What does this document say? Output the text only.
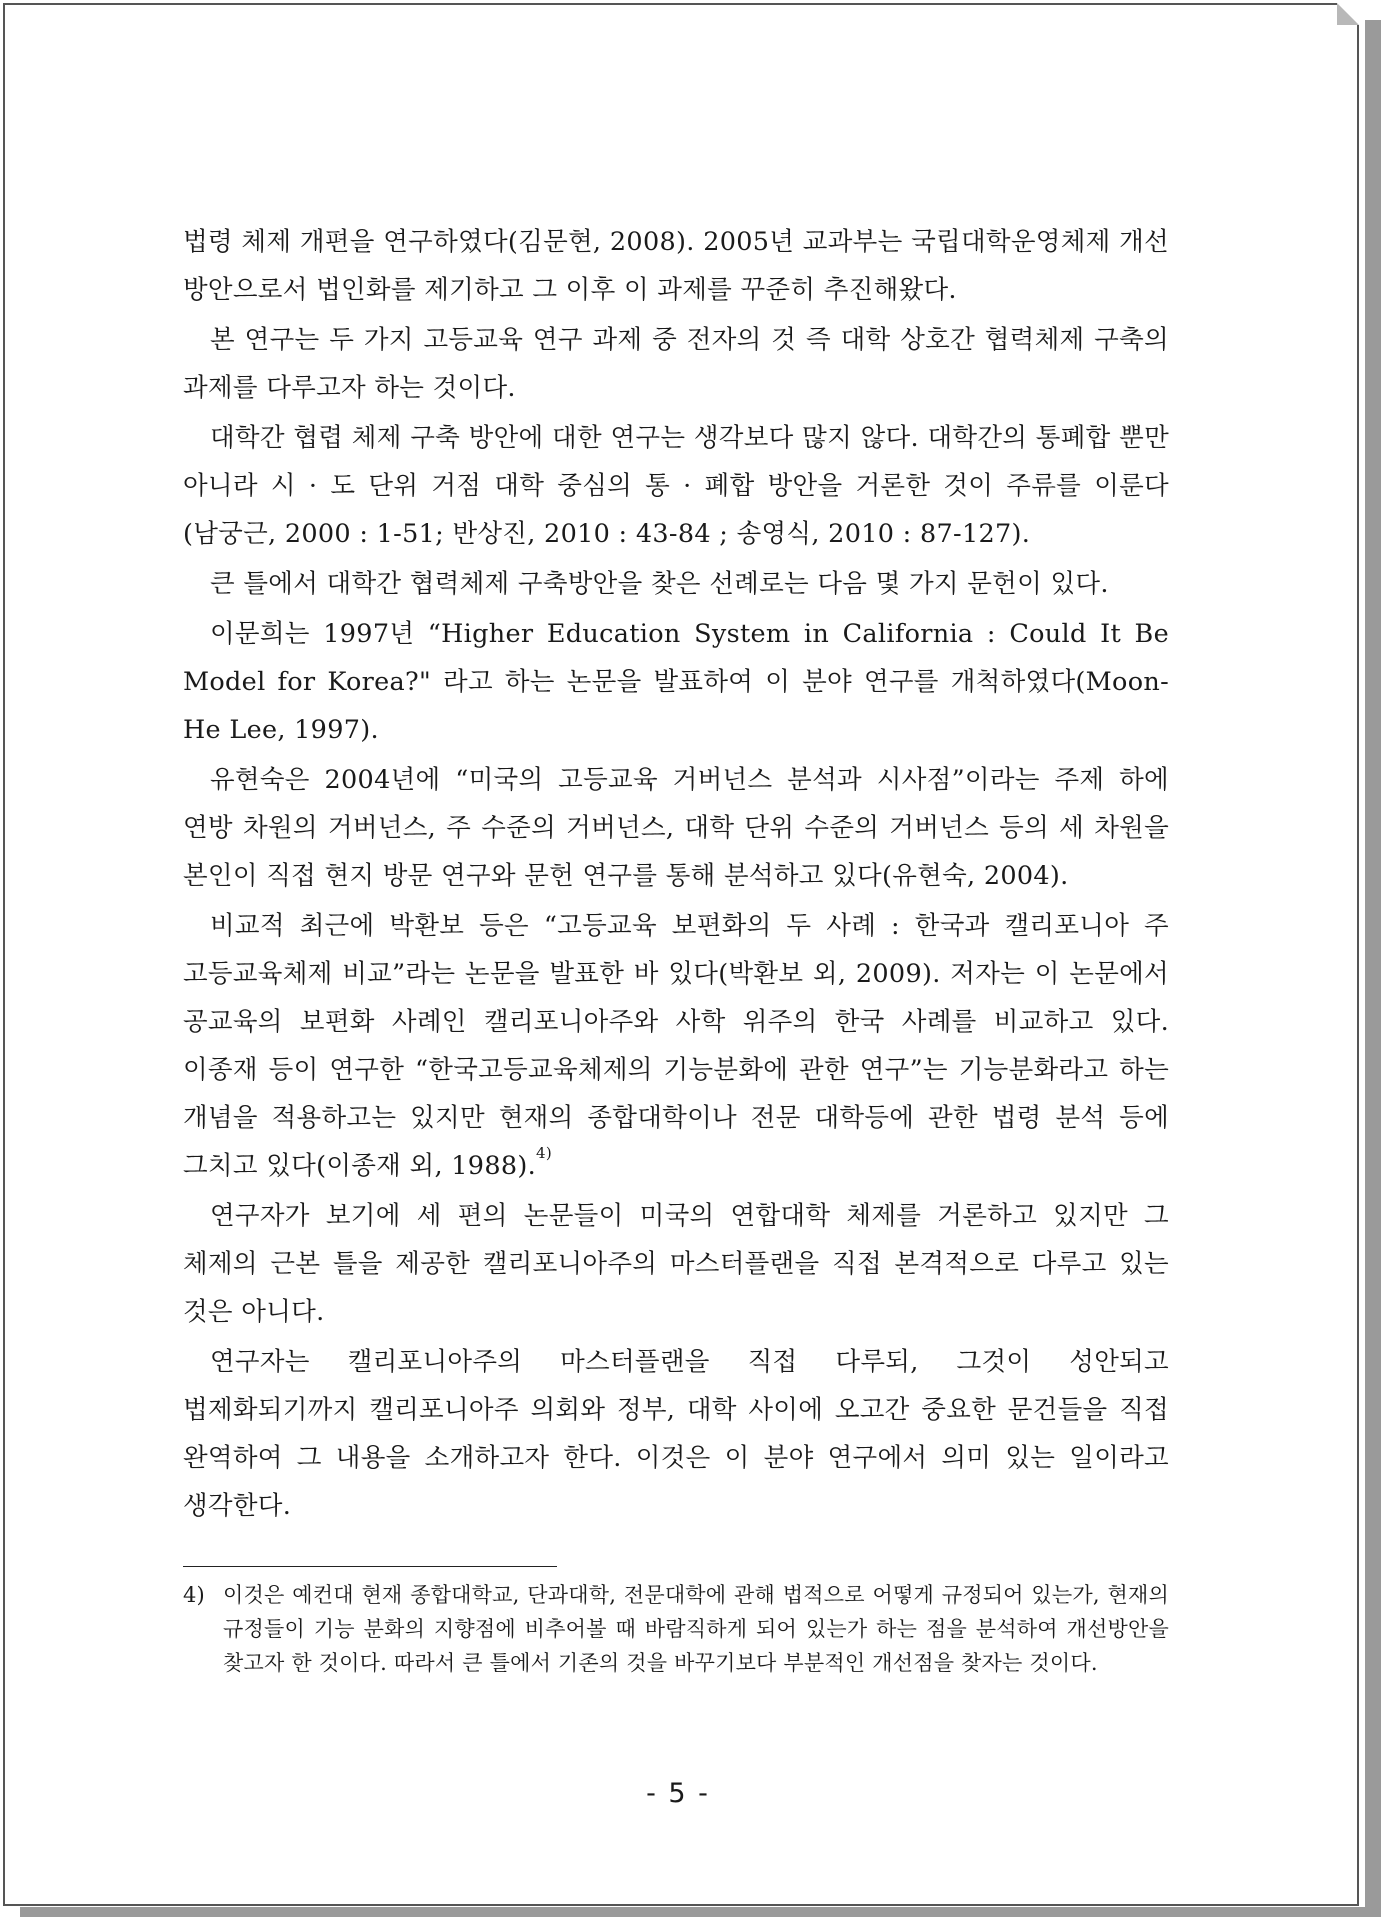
법령 체제 개편을 연구하였다(김문현, 2008). 2005년 교과부는 국립대학운영체제 개선 방안으로서 법인화를 제기하고 그 이후 이 과제를 꾸준히 추진해왔다.

본 연구는 두 가지 고등교육 연구 과제 중 전자의 것 즉 대학 상호간 협력체제 구축의 과제를 다루고자 하는 것이다.

대학간 협렵 체제 구축 방안에 대한 연구는 생각보다 많지 않다. 대학간의 통폐합 뿐만 아니라 시 · 도 단위 거점 대학 중심의 통 · 폐합 방안을 거론한 것이 주류를 이룬다(남궁근, 2000 : 1-51; 반상진, 2010 : 43-84 ; 송영식, 2010 : 87-127).

큰 틀에서 대학간 협력체제 구축방안을 찾은 선례로는 다음 몇 가지 문헌이 있다.

이문희는 1997년 “Higher Education System in California : Could It Be Model for Korea?" 라고 하는 논문을 발표하여 이 분야 연구를 개척하였다(Moon-He Lee, 1997).

유현숙은 2004년에 “미국의 고등교육 거버넌스 분석과 시사점”이라는 주제 하에 연방 차원의 거버넌스, 주 수준의 거버넌스, 대학 단위 수준의 거버넌스 등의 세 차원을 본인이 직접 현지 방문 연구와 문헌 연구를 통해 분석하고 있다(유현숙, 2004).

비교적 최근에 박환보 등은 “고등교육 보편화의 두 사례 : 한국과 캘리포니아 주 고등교육체제 비교”라는 논문을 발표한 바 있다(박환보 외, 2009). 저자는 이 논문에서 공교육의 보편화 사례인 캘리포니아주와 사학 위주의 한국 사례를 비교하고 있다. 이종재 등이 연구한 “한국고등교육체제의 기능분화에 관한 연구”는 기능분화라고 하는 개념을 적용하고는 있지만 현재의 종합대학이나 전문 대학등에 관한 법령 분석 등에 그치고 있다(이종재 외, 1988).$^{4)}$

연구자가 보기에 세 편의 논문들이 미국의 연합대학 체제를 거론하고 있지만 그 체제의 근본 틀을 제공한 캘리포니아주의 마스터플랜을 직접 본격적으로 다루고 있는 것은 아니다.

연구자는 캘리포니아주의 마스터플랜을 직접 다루되, 그것이 성안되고 법제화되기까지 캘리포니아주 의회와 정부, 대학 사이에 오고간 중요한 문건들을 직접 완역하여 그 내용을 소개하고자 한다. 이것은 이 분야 연구에서 의미 있는 일이라고 생각한다.

4) 이것은 예컨대 현재 종합대학교, 단과대학, 전문대학에 관해 법적으로 어떻게 규정되어 있는가, 현재의 규정들이 기능 분화의 지향점에 비추어볼 때 바람직하게 되어 있는가 하는 점을 분석하여 개선방안을 찾고자 한 것이다. 따라서 큰 틀에서 기존의 것을 바꾸기보다 부분적인 개선점을 찾자는 것이다.
- 5 -
